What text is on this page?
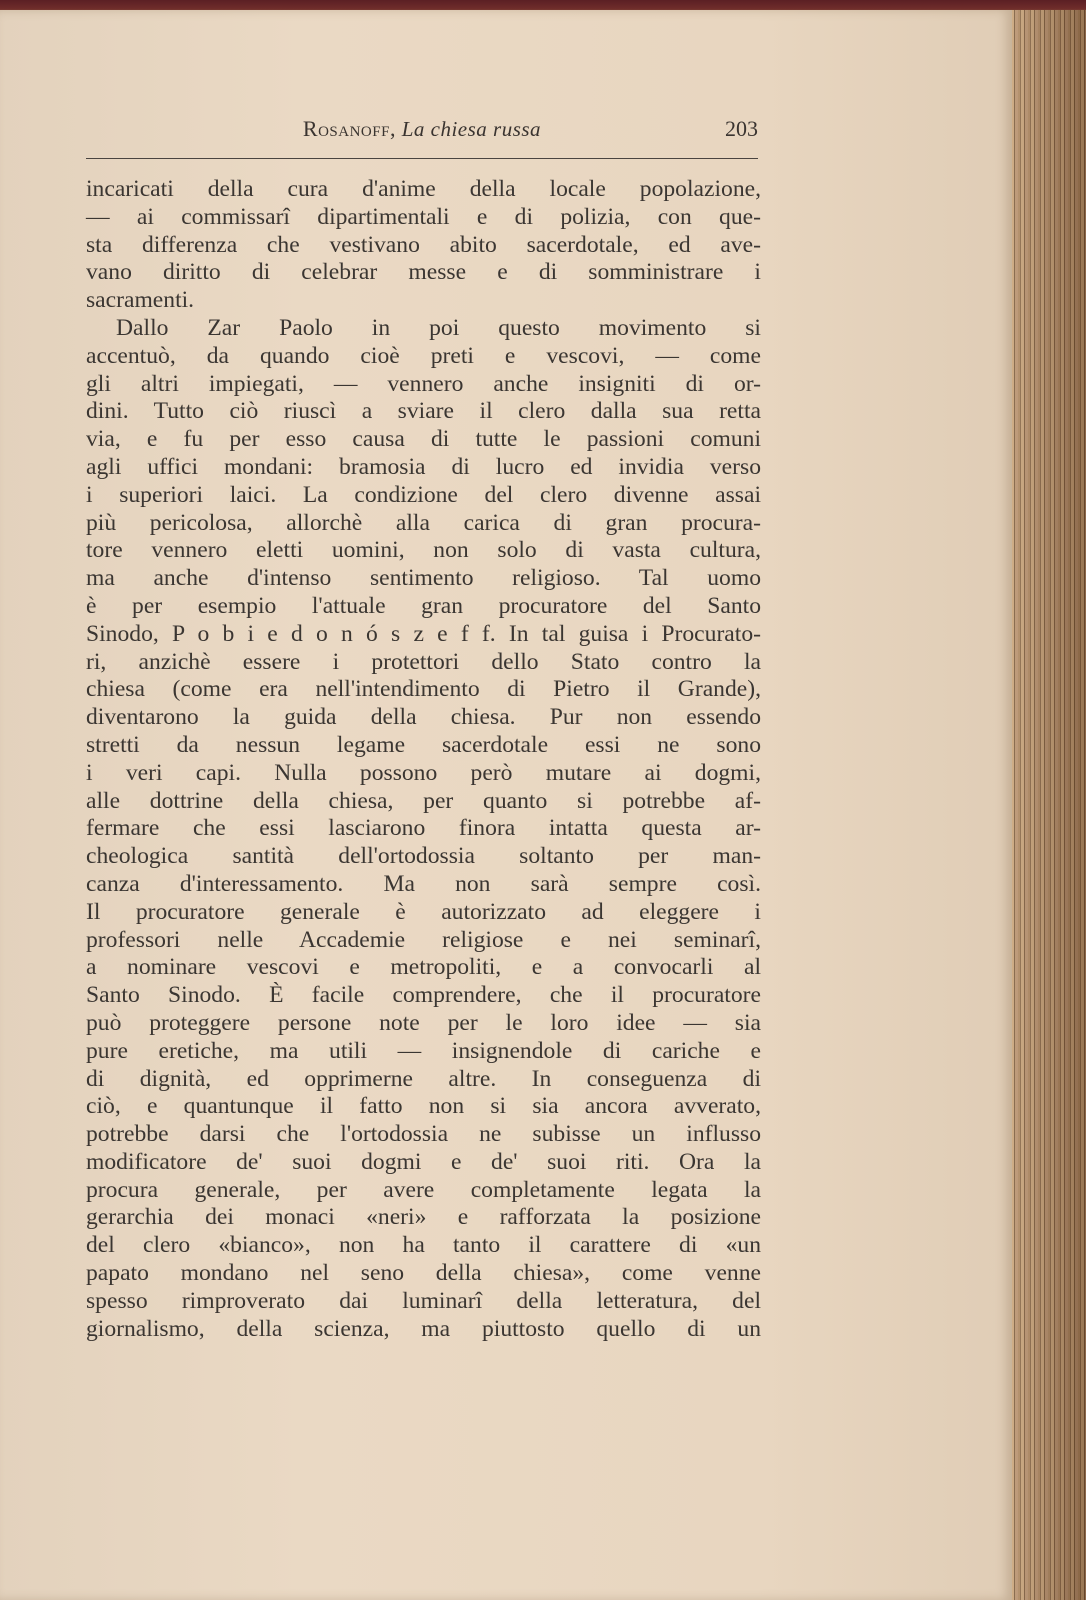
Rosanoff, La chiesa russa	203
incaricati della cura d'anime della locale popolazione,
— ai commissarî dipartimentali e di polizia, con que-
sta differenza che vestivano abito sacerdotale, ed ave-
vano diritto di celebrar messe e di somministrare i
sacramenti.
Dallo Zar Paolo in poi questo movimento si
accentuò, da quando cioè preti e vescovi, — come
gli altri impiegati, — vennero anche insigniti di or-
dini. Tutto ciò riuscì a sviare il clero dalla sua retta
via, e fu per esso causa di tutte le passioni comuni
agli uffici mondani: bramosia di lucro ed invidia verso
i superiori laici. La condizione del clero divenne assai
più pericolosa, allorchè alla carica di gran procura-
tore vennero eletti uomini, non solo di vasta cultura,
ma anche d'intenso sentimento religioso. Tal uomo
è per esempio l'attuale gran procuratore del Santo
Sinodo, P o b i e d o n ó s z e f f. In tal guisa i Procurato-
ri, anzichè essere i protettori dello Stato contro la
chiesa (come era nell'intendimento di Pietro il Grande),
diventarono la guida della chiesa. Pur non essendo
stretti da nessun legame sacerdotale essi ne sono
i veri capi. Nulla possono però mutare ai dogmi,
alle dottrine della chiesa, per quanto si potrebbe af-
fermare che essi lasciarono finora intatta questa ar-
cheologica santità dell'ortodossia soltanto per man-
canza d'interessamento. Ma non sarà sempre così.
Il procuratore generale è autorizzato ad eleggere i
professori nelle Accademie religiose e nei seminarî,
a nominare vescovi e metropoliti, e a convocarli al
Santo Sinodo. È facile comprendere, che il procuratore
può proteggere persone note per le loro idee — sia
pure eretiche, ma utili — insignendole di cariche e
di dignità, ed opprimerne altre. In conseguenza di
ciò, e quantunque il fatto non si sia ancora avverato,
potrebbe darsi che l'ortodossia ne subisse un influsso
modificatore de' suoi dogmi e de' suoi riti. Ora la
procura generale, per avere completamente legata la
gerarchia dei monaci «neri» e rafforzata la posizione
del clero «bianco», non ha tanto il carattere di «un
papato mondano nel seno della chiesa», come venne
spesso rimproverato dai luminarî della letteratura, del
giornalismo, della scienza, ma piuttosto quello di un
